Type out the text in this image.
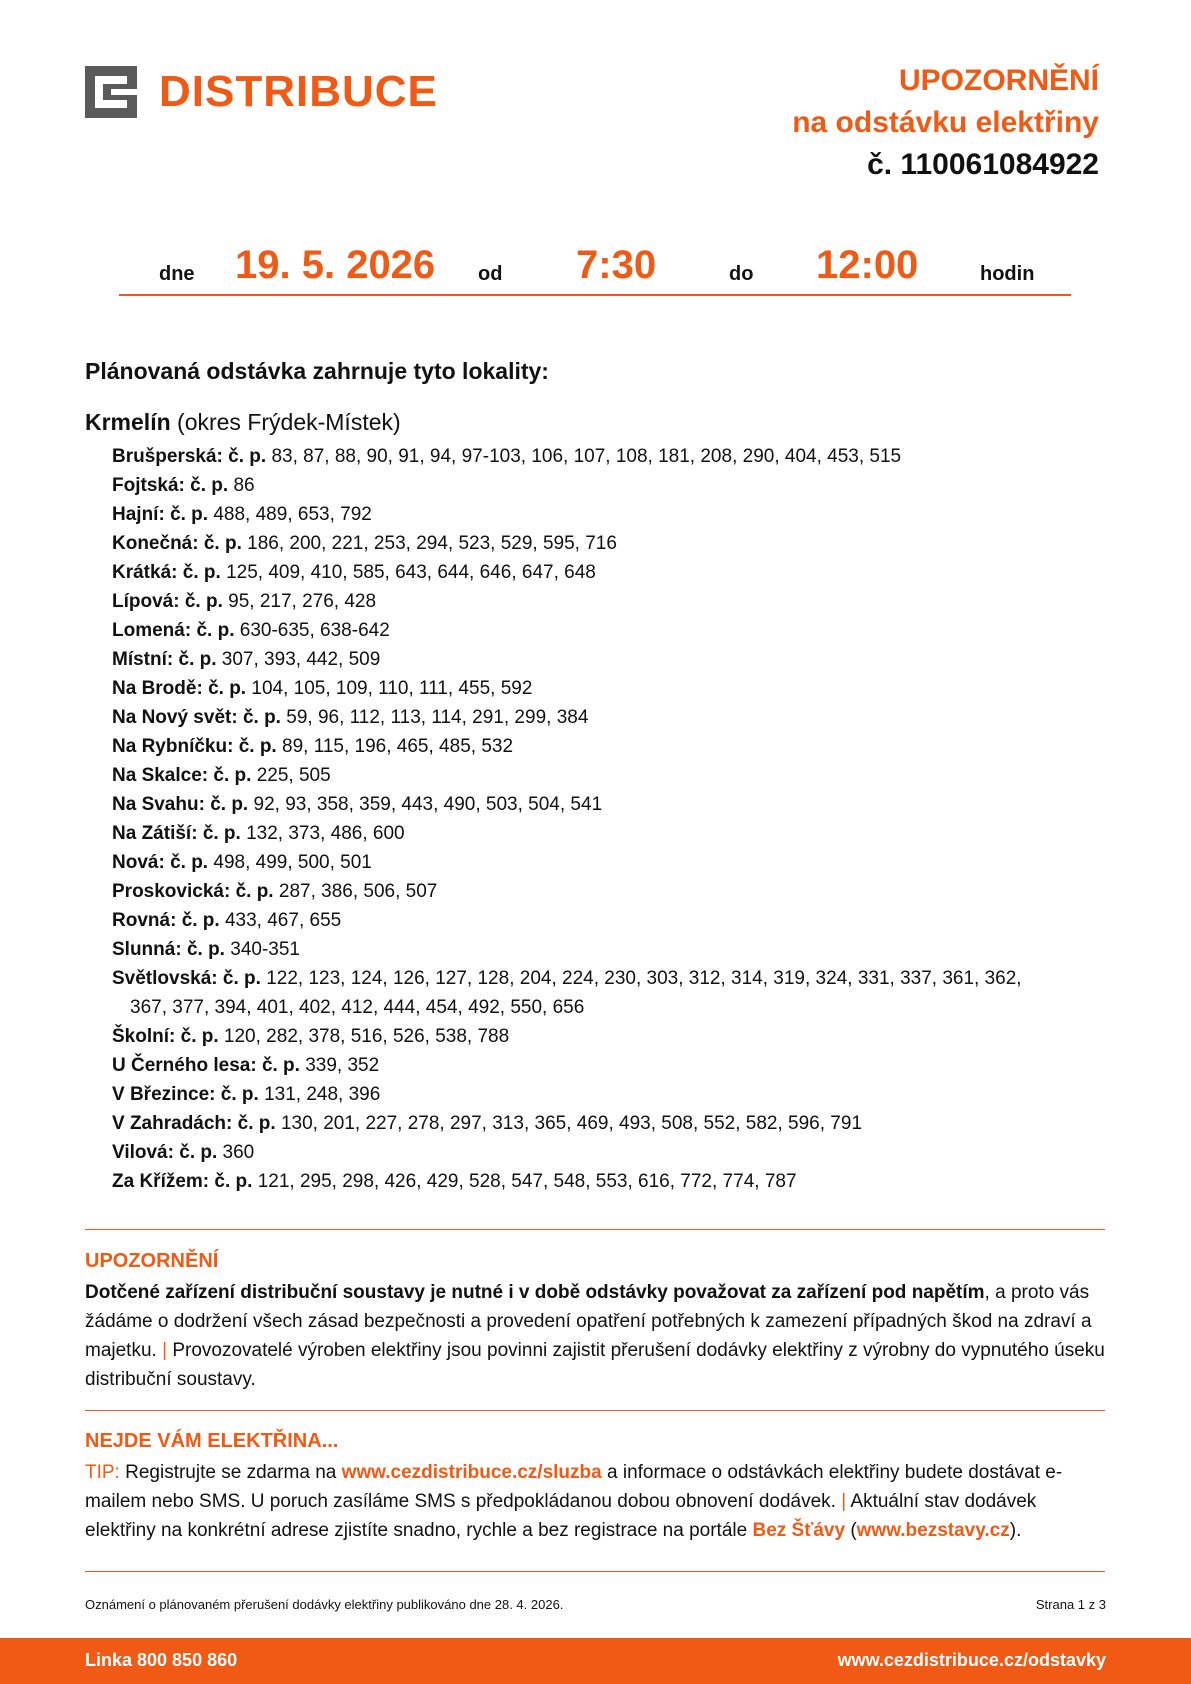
DISTRIBUCE	UPOZORNĚNÍ
na odstávku elektřiny
č. 110061084922
dne 19. 5. 2026 od 7:30	do 12:00	hodin
Plánovaná odstávka zahrnuje tyto lokality:
Krmelín (okres Frýdek-Místek)
Brušperská: č. p. 83, 87, 88, 90, 91, 94, 97-103, 106, 107, 108, 181, 208, 290, 404, 453, 515
Fojtská: č. p. 86
Hajní: č. p. 488, 489, 653, 792
Konečná: č. p. 186, 200, 221, 253, 294, 523, 529, 595, 716
Krátká: č. p. 125, 409, 410, 585, 643, 644, 646, 647, 648
Lípová: č. p. 95, 217, 276, 428
Lomená: č. p. 630-635, 638-642
Místní: č. p. 307, 393, 442, 509
Na Brodě: č. p. 104, 105, 109, 110, 111, 455, 592
Na Nový svět: č. p. 59, 96, 112, 113, 114, 291, 299, 384
Na Rybníčku: č. p. 89, 115, 196, 465, 485, 532
Na Skalce: č. p. 225, 505
Na Svahu: č. p. 92, 93, 358, 359, 443, 490, 503, 504, 541
Na Zátiší: č. p. 132, 373, 486, 600
Nová: č. p. 498, 499, 500, 501
Proskovická: č. p. 287, 386, 506, 507
Rovná: č. p. 433, 467, 655
Slunná: č. p. 340-351
Světlovská: č. p. 122, 123, 124, 126, 127, 128, 204, 224, 230, 303, 312, 314, 319, 324, 331, 337, 361, 362,
367, 377, 394, 401, 402, 412, 444, 454, 492, 550, 656
Školní: č. p. 120, 282, 378, 516, 526, 538, 788
U Černého lesa: č. p. 339, 352
V Březince: č. p. 131, 248, 396
V Zahradách: č. p. 130, 201, 227, 278, 297, 313, 365, 469, 493, 508, 552, 582, 596, 791
Vilová: č. p. 360
Za Křížem: č. p. 121, 295, 298, 426, 429, 528, 547, 548, 553, 616, 772, 774, 787
UPOZORNĚNÍ
Dotčené zařízení distribuční soustavy je nutné i v době odstávky považovat za zařízení pod napětím, a proto vás žádáme o dodržení všech zásad bezpečnosti a provedení opatření potřebných k zamezení případných škod na zdraví a majetku. | Provozovatelé výroben elektřiny jsou povinni zajistit přerušení dodávky elektřiny z výrobny do vypnutého úseku distribuční soustavy.
NEJDE VÁM ELEKTŘINA...
TIP: Registrujte se zdarma na www.cezdistribuce.cz/sluzba a informace o odstávkách elektřiny budete dostávat e-mailem nebo SMS. U poruch zasíláme SMS s předpokládanou dobou obnovení dodávek. | Aktuální stav dodávek elektřiny na konkrétní adrese zjistíte snadno, rychle a bez registrace na portále Bez Šťávy (www.bezstavy.cz).
Oznámení o plánovaném přerušení dodávky elektřiny publikováno dne 28. 4. 2026.	Strana 1 z 3
Linka 800 850 860	www.cezdistribuce.cz/odstavky
